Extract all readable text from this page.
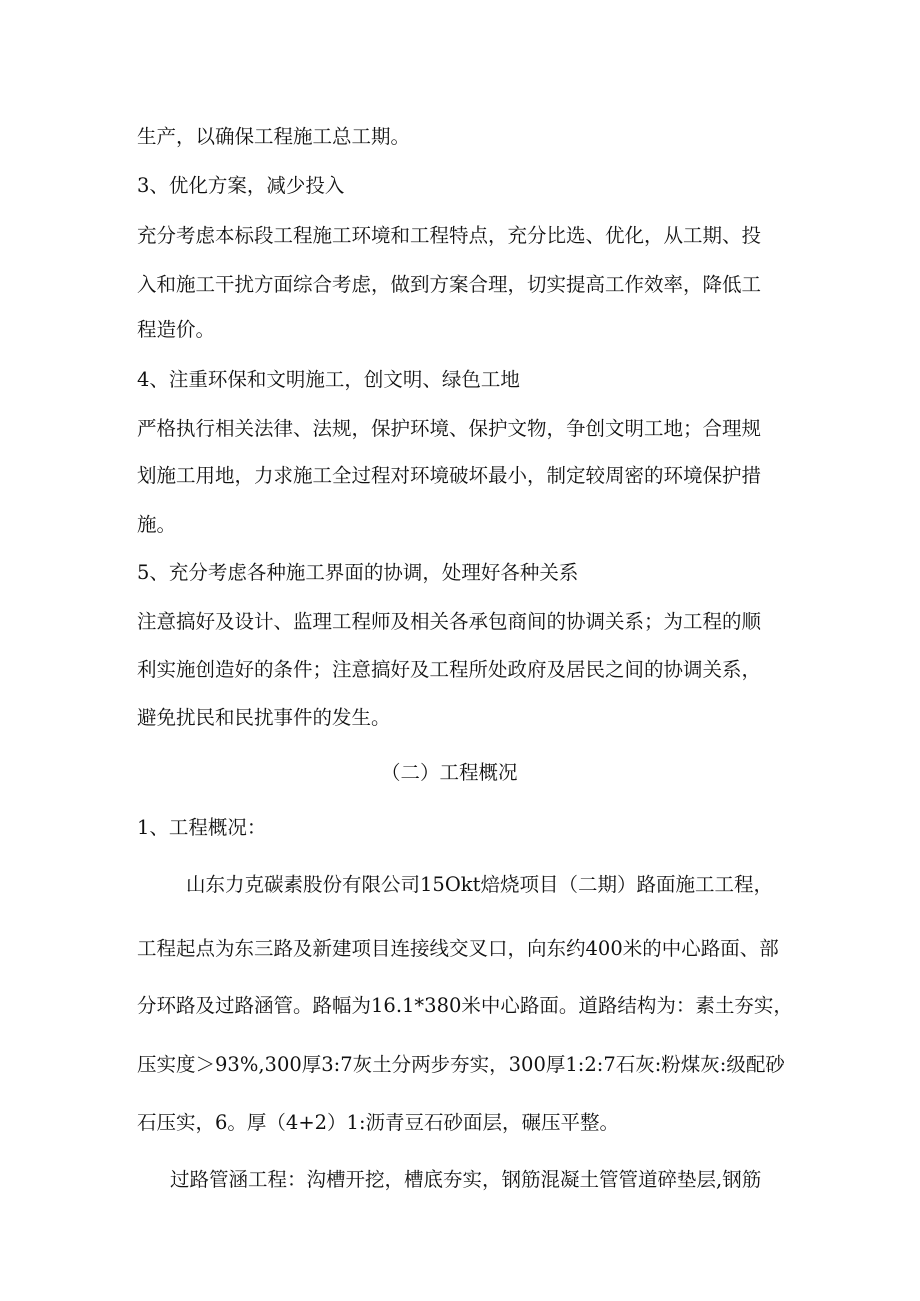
生产，以确保工程施工总工期。
3、优化方案，减少投入
充分考虑本标段工程施工环境和工程特点，充分比选、优化，从工期、投
入和施工干扰方面综合考虑，做到方案合理，切实提高工作效率，降低工
程造价。
4、注重环保和文明施工，创文明、绿色工地
严格执行相关法律、法规，保护环境、保护文物，争创文明工地；合理规
划施工用地，力求施工全过程对环境破坏最小，制定较周密的环境保护措
施。
5、充分考虑各种施工界面的协调，处理好各种关系
注意搞好及设计、监理工程师及相关各承包商间的协调关系；为工程的顺
利实施创造好的条件；注意搞好及工程所处政府及居民之间的协调关系，
避免扰民和民扰事件的发生。
（二）工程概况
1、工程概况：
山东力克碳素股份有限公司15Okt焙烧项目（二期）路面施工工程，
工程起点为东三路及新建项目连接线交叉口，向东约400米的中心路面、部
分环路及过路涵管。路幅为16.1*380米中心路面。道路结构为：素土夯实，
压实度＞93%,300厚3:7灰土分两步夯实，300厚1:2:7石灰:粉煤灰:级配砂
石压实，6。厚（4+2）1:沥青豆石砂面层，碾压平整。
过路管涵工程：沟槽开挖，槽底夯实，钢筋混凝土管管道碎垫层,钢筋
